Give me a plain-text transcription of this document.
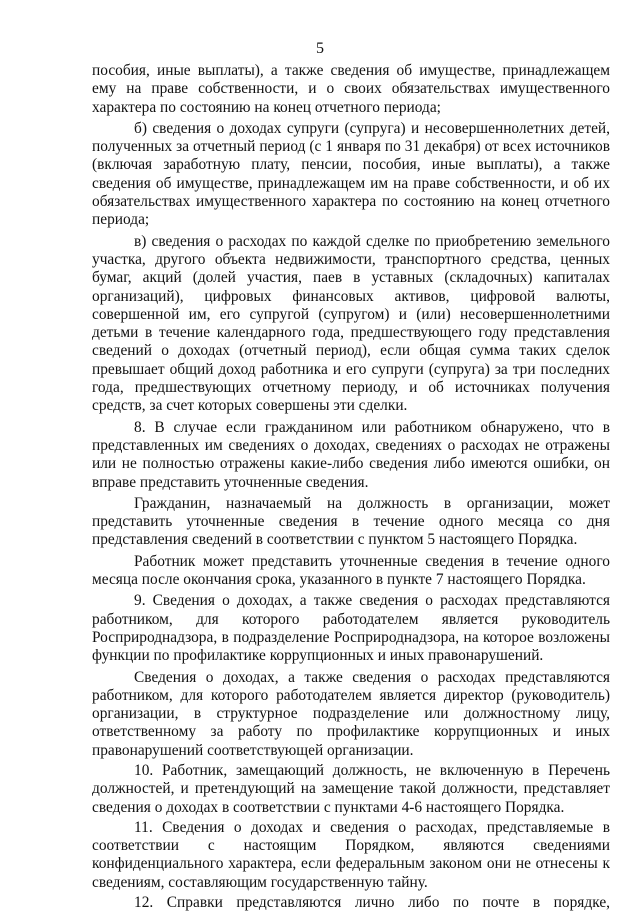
5

пособия, иные выплаты), а также сведения об имуществе, принадлежащем ему на праве собственности, и о своих обязательствах имущественного характера по состоянию на конец отчетного периода;

б) сведения о доходах супруги (супруга) и несовершеннолетних детей, полученных за отчетный период (с 1 января по 31 декабря) от всех источников (включая заработную плату, пенсии, пособия, иные выплаты), а также сведения об имуществе, принадлежащем им на праве собственности, и об их обязательствах имущественного характера по состоянию на конец отчетного периода;

в) сведения о расходах по каждой сделке по приобретению земельного участка, другого объекта недвижимости, транспортного средства, ценных бумаг, акций (долей участия, паев в уставных (складочных) капиталах организаций), цифровых финансовых активов, цифровой валюты, совершенной им, его супругой (супругом) и (или) несовершеннолетними детьми в течение календарного года, предшествующего году представления сведений о доходах (отчетный период), если общая сумма таких сделок превышает общий доход работника и его супруги (супруга) за три последних года, предшествующих отчетному периоду, и об источниках получения средств, за счет которых совершены эти сделки.

8. В случае если гражданином или работником обнаружено, что в представленных им сведениях о доходах, сведениях о расходах не отражены или не полностью отражены какие-либо сведения либо имеются ошибки, он вправе представить уточненные сведения.

Гражданин, назначаемый на должность в организации, может представить уточненные сведения в течение одного месяца со дня представления сведений в соответствии с пунктом 5 настоящего Порядка.

Работник может представить уточненные сведения в течение одного месяца после окончания срока, указанного в пункте 7 настоящего Порядка.

9. Сведения о доходах, а также сведения о расходах представляются работником, для которого работодателем является руководитель Росприроднадзора, в подразделение Росприроднадзора, на которое возложены функции по профилактике коррупционных и иных правонарушений.

Сведения о доходах, а также сведения о расходах представляются работником, для которого работодателем является директор (руководитель) организации, в структурное подразделение или должностному лицу, ответственному за работу по профилактике коррупционных и иных правонарушений соответствующей организации.

10. Работник, замещающий должность, не включенную в Перечень должностей, и претендующий на замещение такой должности, представляет сведения о доходах в соответствии с пунктами 4-6 настоящего Порядка.

11. Сведения о доходах и сведения о расходах, представляемые в соответствии с настоящим Порядком, являются сведениями конфиденциального характера, если федеральным законом они не отнесены к сведениям, составляющим государственную тайну.

12. Справки представляются лично либо по почте в порядке,
